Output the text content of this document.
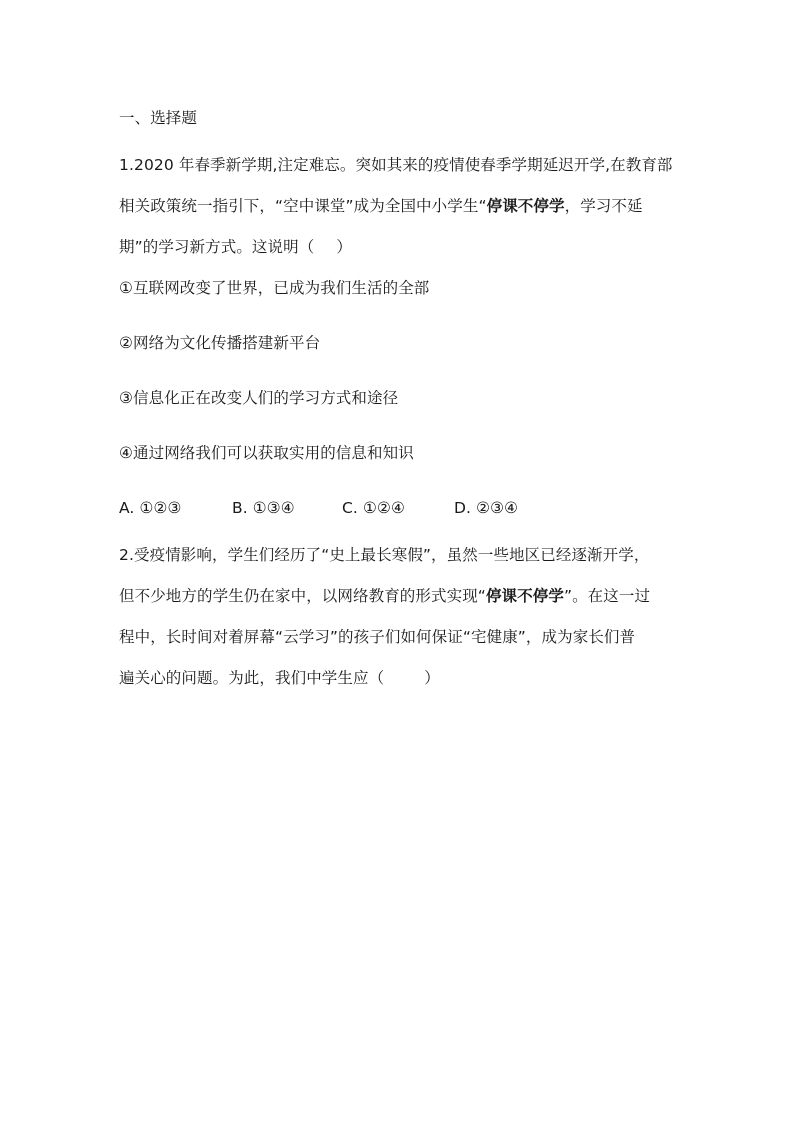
一、选择题
1.2020 年春季新学期,注定难忘。突如其来的疫情使春季学期延迟开学,在教育部
相关政策统一指引下，“空中课堂”成为全国中小学生“停课不停学，学习不延
期”的学习新方式。这说明（ ）
①互联网改变了世界，已成为我们生活的全部
②网络为文化传播搭建新平台
③信息化正在改变人们的学习方式和途径
④通过网络我们可以获取实用的信息和知识
A. ①②③	B. ①③④	C. ①②④	D. ②③④
2.受疫情影响，学生们经历了“史上最长寒假”，虽然一些地区已经逐渐开学，
但不少地方的学生仍在家中，以网络教育的形式实现“停课不停学”。在这一过
程中，长时间对着屏幕“云学习”的孩子们如何保证“宅健康”，成为家长们普
遍关心的问题。为此，我们中学生应（	）
